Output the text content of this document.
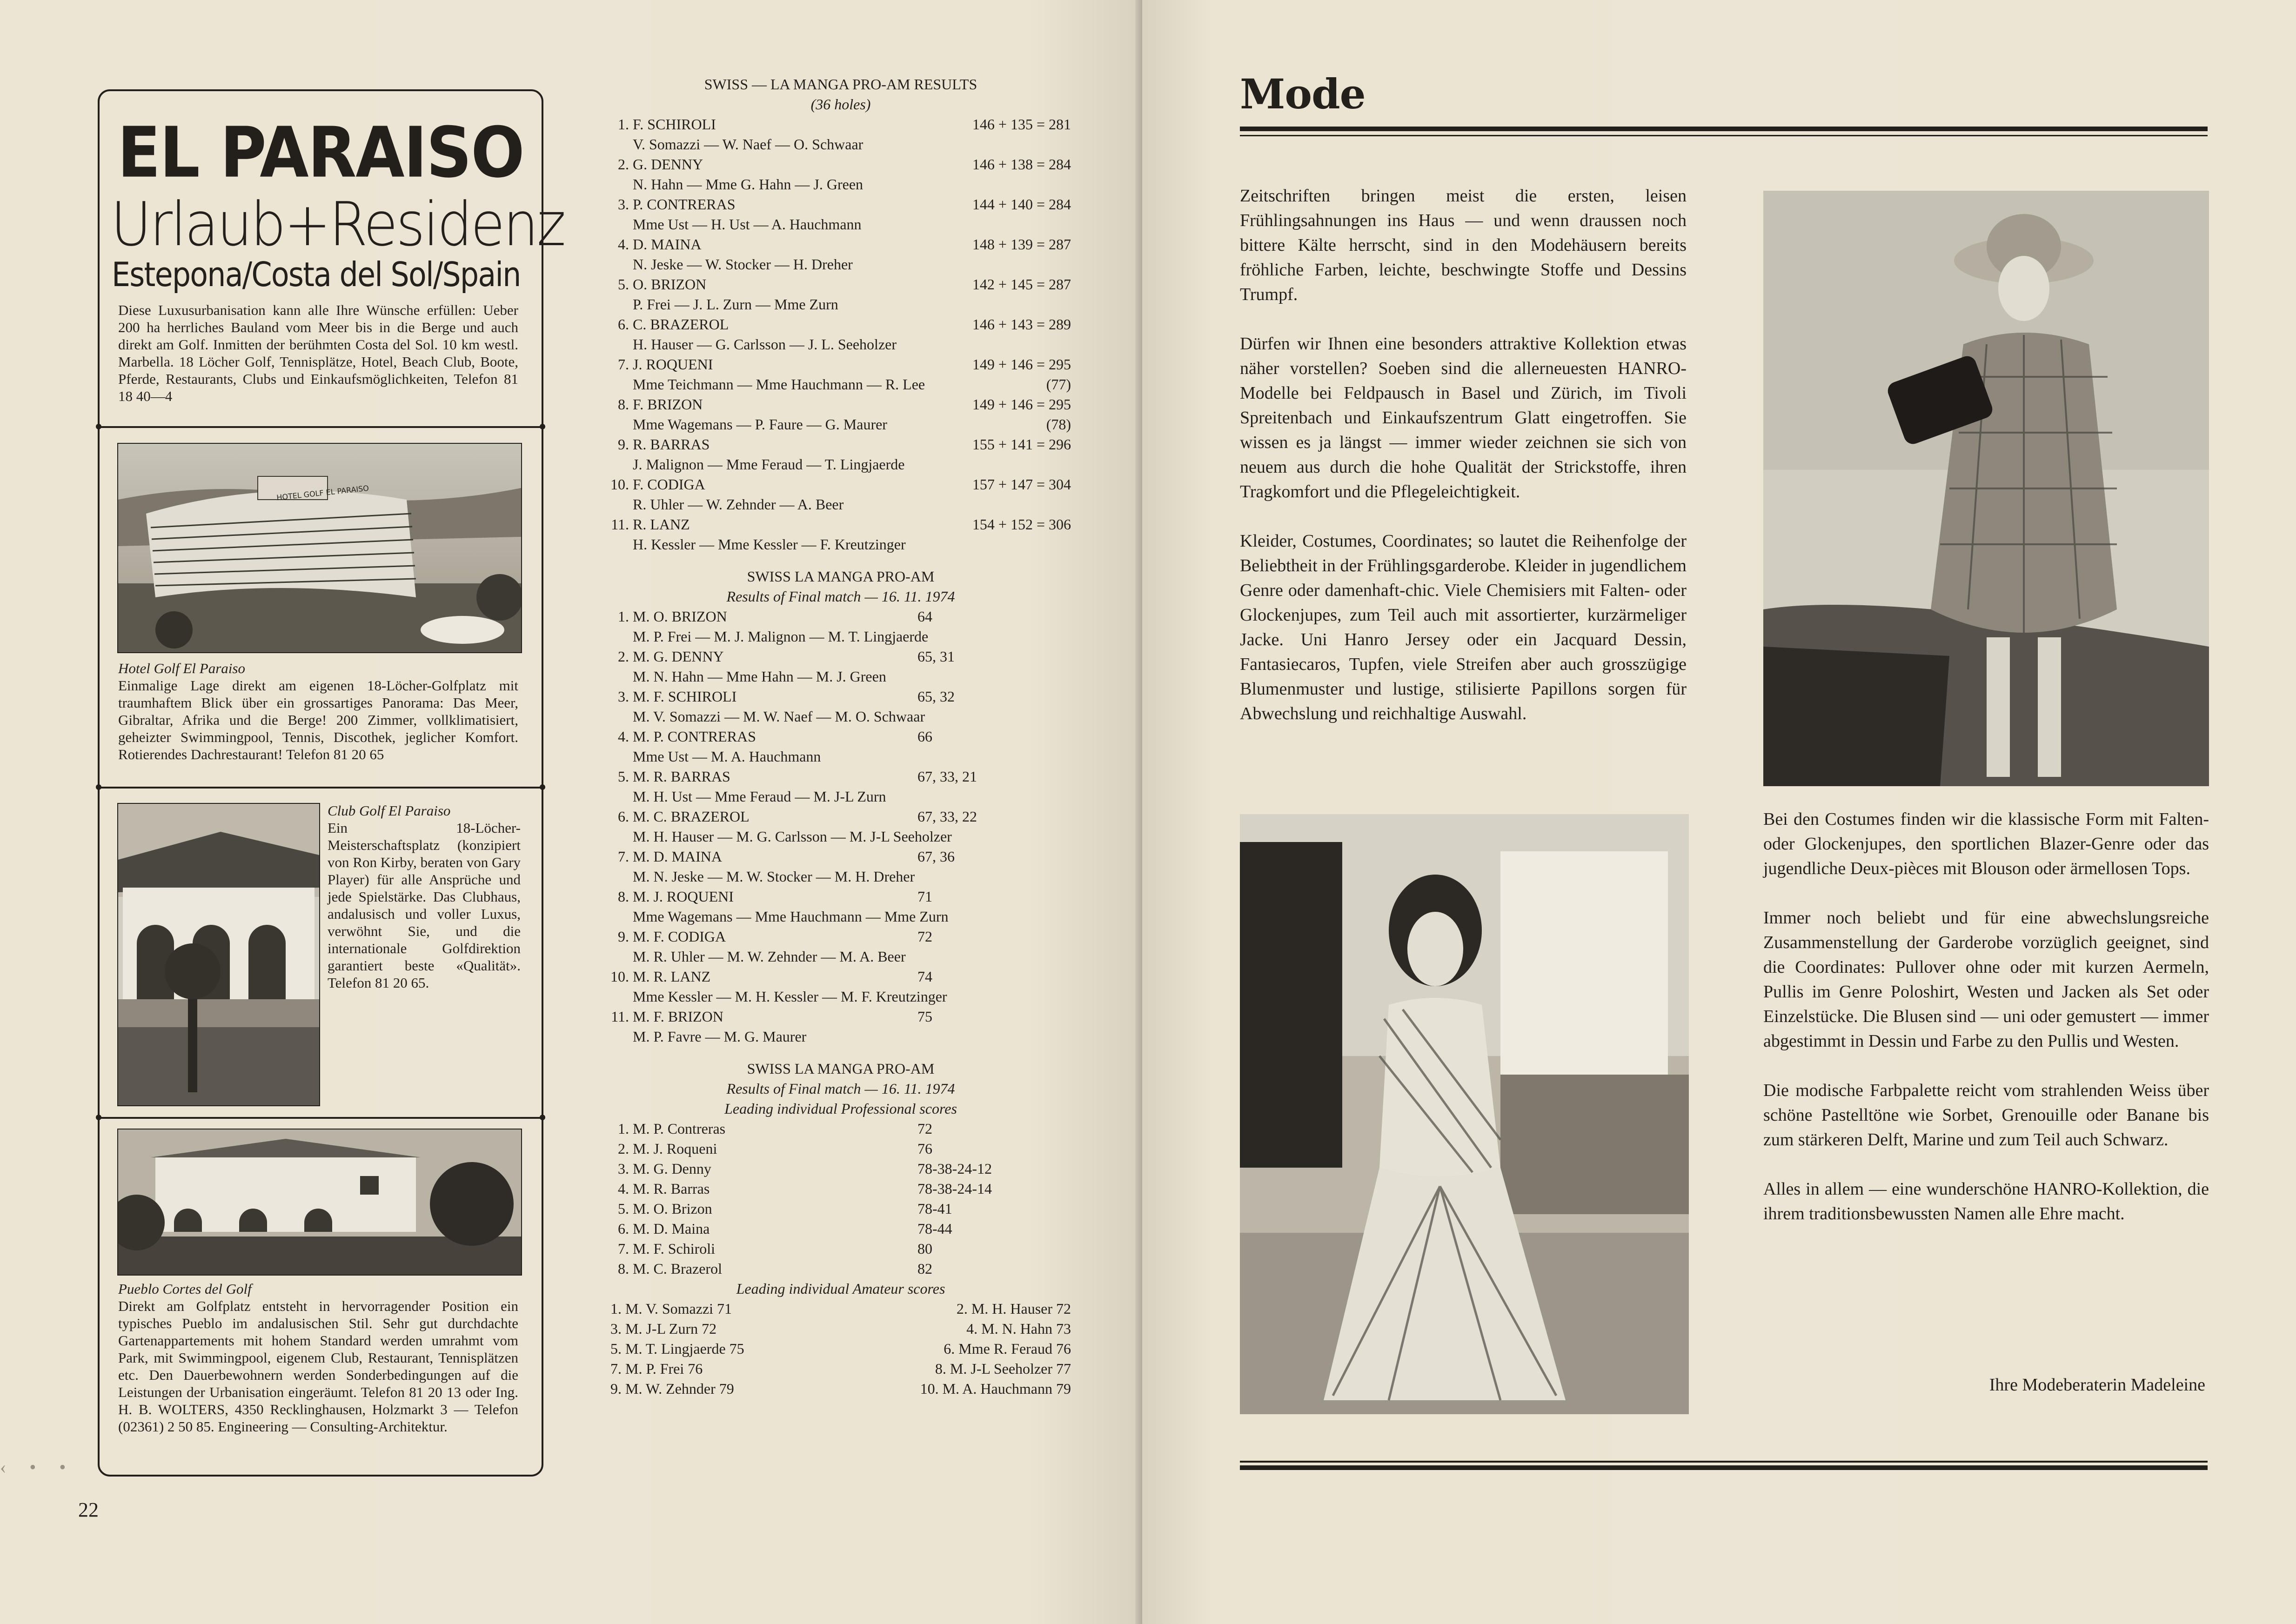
EL PARAISO
Urlaub+Residenz
Estepona/Costa del Sol/Spain
Diese Luxusurbanisation kann alle Ihre Wünsche erfüllen: Ueber 200 ha herrliches Bauland vom Meer bis in die Berge und auch direkt am Golf. Inmitten der berühmten Costa del Sol. 10 km westl. Marbella. 18 Löcher Golf, Tennisplätze, Hotel, Beach Club, Boote, Pferde, Restaurants, Clubs und Einkaufsmöglichkeiten, Telefon 81 18 40—4
HOTEL GOLF EL PARAISO

Hotel Golf El Paraiso

Einmalige Lage direkt am eigenen 18-Löcher-Golfplatz mit traumhaftem Blick über ein grossartiges Panorama: Das Meer, Gibraltar, Afrika und die Berge! 200 Zimmer, vollklimatisiert, geheizter Swimmingpool, Tennis, Discothek, jeglicher Komfort. Rotierendes Dachrestaurant! Telefon 81 20 65

Club Golf El Paraiso

Ein 18-Löcher-Meisterschaftsplatz (konzipiert von Ron Kirby, beraten von Gary Player) für alle Ansprüche und jede Spielstärke. Das Clubhaus, andalusisch und voller Luxus, verwöhnt Sie, und die internationale Golfdirektion garantiert beste «Qualität». Telefon 81 20 65.

Pueblo Cortes del Golf

Direkt am Golfplatz entsteht in hervorragender Position ein typisches Pueblo im andalusischen Stil. Sehr gut durchdachte Gartenappartements mit hohem Standard werden umrahmt vom Park, mit Swimmingpool, eigenem Club, Restaurant, Tennisplätzen etc. Den Dauerbewohnern werden Sonderbedingungen auf die Leistungen der Urbanisation eingeräumt. Telefon 81 20 13 oder Ing. H. B. WOLTERS, 4350 Recklinghausen, Holzmarkt 3 — Telefon (02361) 2 50 85. Engineering — Consulting-Architektur.

SWISS — LA MANGA PRO-AM RESULTS
(36 holes)
1. F. SCHIROLI	146 + 135 = 281
V. Somazzi — W. Naef — O. Schwaar
2. G. DENNY	146 + 138 = 284
N. Hahn — Mme G. Hahn — J. Green
3. P. CONTRERAS	144 + 140 = 284
Mme Ust — H. Ust — A. Hauchmann
4. D. MAINA	148 + 139 = 287
N. Jeske — W. Stocker — H. Dreher
5. O. BRIZON	142 + 145 = 287
P. Frei — J. L. Zurn — Mme Zurn
6. C. BRAZEROL	146 + 143 = 289
H. Hauser — G. Carlsson — J. L. Seeholzer
7. J. ROQUENI	149 + 146 = 295
Mme Teichmann — Mme Hauchmann — R. Lee	(77)
8. F. BRIZON	149 + 146 = 295
Mme Wagemans — P. Faure — G. Maurer	(78)
9. R. BARRAS	155 + 141 = 296
J. Malignon — Mme Feraud — T. Lingjaerde
10. F. CODIGA	157 + 147 = 304
R. Uhler — W. Zehnder — A. Beer
11. R. LANZ	154 + 152 = 306
H. Kessler — Mme Kessler — F. Kreutzinger
SWISS LA MANGA PRO-AM
Results of Final match — 16. 11. 1974
1. M. O. BRIZON	64
M. P. Frei — M. J. Malignon — M. T. Lingjaerde
2. M. G. DENNY	65, 31
M. N. Hahn — Mme Hahn — M. J. Green
3. M. F. SCHIROLI	65, 32
M. V. Somazzi — M. W. Naef — M. O. Schwaar
4. M. P. CONTRERAS	66
Mme Ust — M. A. Hauchmann
5. M. R. BARRAS	67, 33, 21
M. H. Ust — Mme Feraud — M. J-L Zurn
6. M. C. BRAZEROL	67, 33, 22
M. H. Hauser — M. G. Carlsson — M. J-L Seeholzer
7. M. D. MAINA	67, 36
M. N. Jeske — M. W. Stocker — M. H. Dreher
8. M. J. ROQUENI	71
Mme Wagemans — Mme Hauchmann — Mme Zurn
9. M. F. CODIGA	72
M. R. Uhler — M. W. Zehnder — M. A. Beer
10. M. R. LANZ	74
Mme Kessler — M. H. Kessler — M. F. Kreutzinger
11. M. F. BRIZON	75
M. P. Favre — M. G. Maurer
SWISS LA MANGA PRO-AM
Results of Final match — 16. 11. 1974
Leading individual Professional scores
1. M. P. Contreras	72
2. M. J. Roqueni	76
3. M. G. Denny	78-38-24-12
4. M. R. Barras	78-38-24-14
5. M. O. Brizon	78-41
6. M. D. Maina	78-44
7. M. F. Schiroli	80
8. M. C. Brazerol	82
Leading individual Amateur scores
1. M. V. Somazzi 71	2. M. H. Hauser 72
3. M. J-L Zurn 72	4. M. N. Hahn 73
5. M. T. Lingjaerde 75	6. Mme R. Feraud 76
7. M. P. Frei 76	8. M. J-L Seeholzer 77
9. M. W. Zehnder 79	10. M. A. Hauchmann 79
22
‹ • •
Mode

Zeitschriften bringen meist die ersten, leisen Frühlingsahnungen ins Haus — und wenn draussen noch bittere Kälte herrscht, sind in den Modehäusern bereits fröhliche Farben, leichte, beschwingte Stoffe und Dessins Trumpf.

Dürfen wir Ihnen eine besonders attraktive Kollektion etwas näher vorstellen? Soeben sind die allerneuesten HANRO-Modelle bei Feldpausch in Basel und Zürich, im Tivoli Spreitenbach und Einkaufszentrum Glatt eingetroffen. Sie wissen es ja längst — immer wieder zeichnen sie sich von neuem aus durch die hohe Qualität der Strickstoffe, ihren Tragkomfort und die Pflegeleichtigkeit.

Kleider, Costumes, Coordinates; so lautet die Reihenfolge der Beliebtheit in der Frühlingsgarderobe. Kleider in jugendlichem Genre oder damenhaft-chic. Viele Chemisiers mit Falten- oder Glockenjupes, zum Teil auch mit assortierter, kurzärmeliger Jacke. Uni Hanro Jersey oder ein Jacquard Dessin, Fantasiecaros, Tupfen, viele Streifen aber auch grosszügige Blumenmuster und lustige, stilisierte Papillons sorgen für Abwechslung und reichhaltige Auswahl.

Bei den Costumes finden wir die klassische Form mit Falten- oder Glockenjupes, den sportlichen Blazer-Genre oder das jugendliche Deux-pièces mit Blouson oder ärmellosen Tops.

Immer noch beliebt und für eine abwechslungsreiche Zusammenstellung der Garderobe vorzüglich geeignet, sind die Coordinates: Pullover ohne oder mit kurzen Aermeln, Pullis im Genre Poloshirt, Westen und Jacken als Set oder Einzelstücke. Die Blusen sind — uni oder gemustert — immer abgestimmt in Dessin und Farbe zu den Pullis und Westen.

Die modische Farbpalette reicht vom strahlenden Weiss über schöne Pastelltöne wie Sorbet, Grenouille oder Banane bis zum stärkeren Delft, Marine und zum Teil auch Schwarz.

Alles in allem — eine wunderschöne HANRO-Kollektion, die ihrem traditionsbewussten Namen alle Ehre macht.

Ihre Modeberaterin Madeleine
